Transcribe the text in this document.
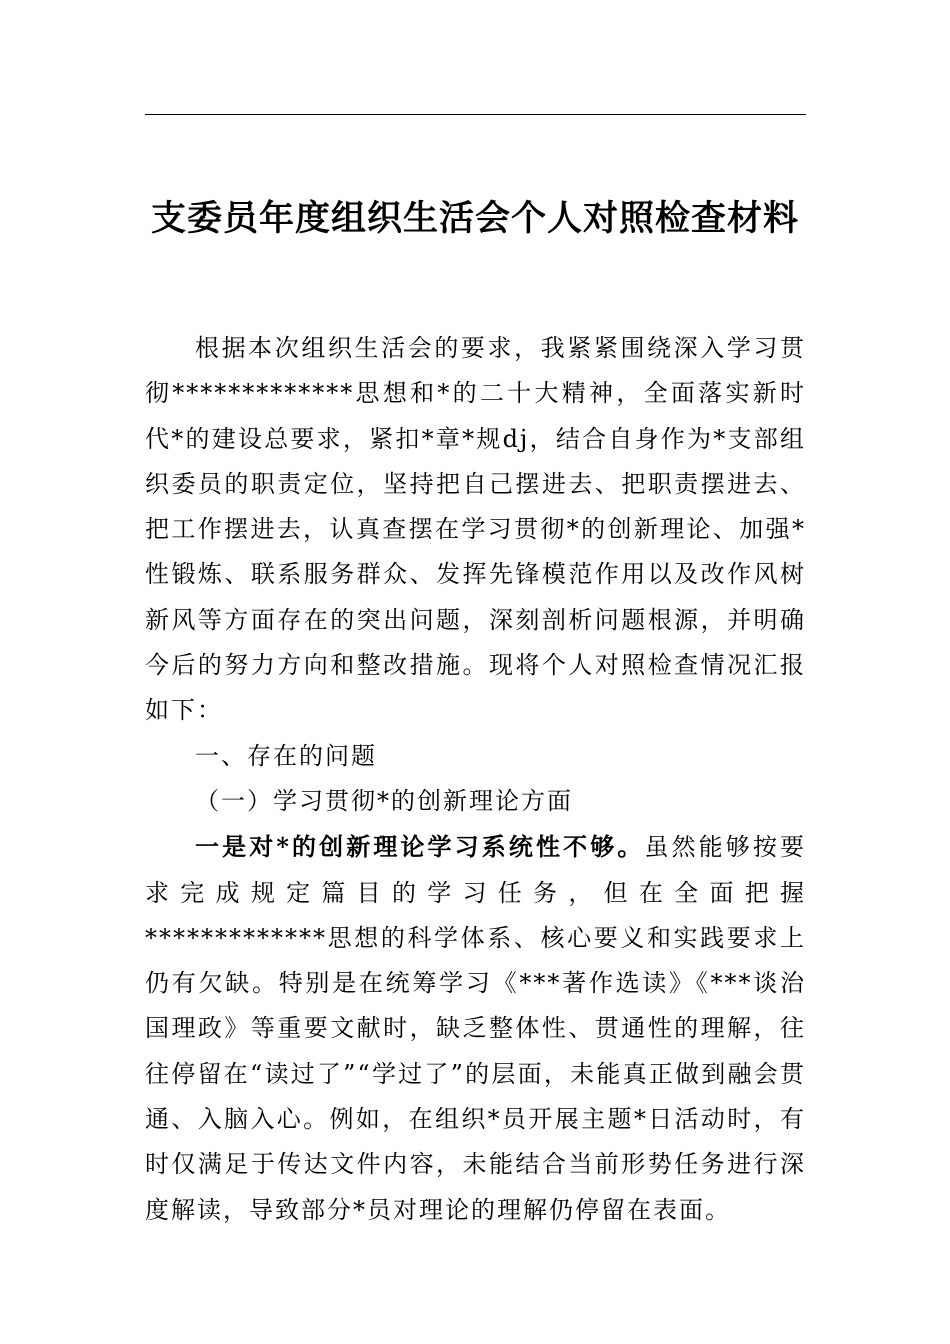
支委员年度组织生活会个人对照检查材料

根据本次组织生活会的要求，我紧紧围绕深入学习贯彻*************思想和*的二十大精神，全面落实新时代*的建设总要求，紧扣*章*规dj，结合自身作为*支部组织委员的职责定位，坚持把自己摆进去、把职责摆进去、把工作摆进去，认真查摆在学习贯彻*的创新理论、加强*性锻炼、联系服务群众、发挥先锋模范作用以及改作风树新风等方面存在的突出问题，深刻剖析问题根源，并明确今后的努力方向和整改措施。现将个人对照检查情况汇报如下：

一、存在的问题

（一）学习贯彻*的创新理论方面

一是对*的创新理论学习系统性不够。虽然能够按要求完成规定篇目的学习任务，但在全面把握*************思想的科学体系、核心要义和实践要求上仍有欠缺。特别是在统筹学习《***著作选读》《***谈治国理政》等重要文献时，缺乏整体性、贯通性的理解，往往停留在“读过了”“学过了”的层面，未能真正做到融会贯通、入脑入心。例如，在组织*员开展主题*日活动时，有时仅满足于传达文件内容，未能结合当前形势任务进行深度解读，导致部分*员对理论的理解仍停留在表面。
